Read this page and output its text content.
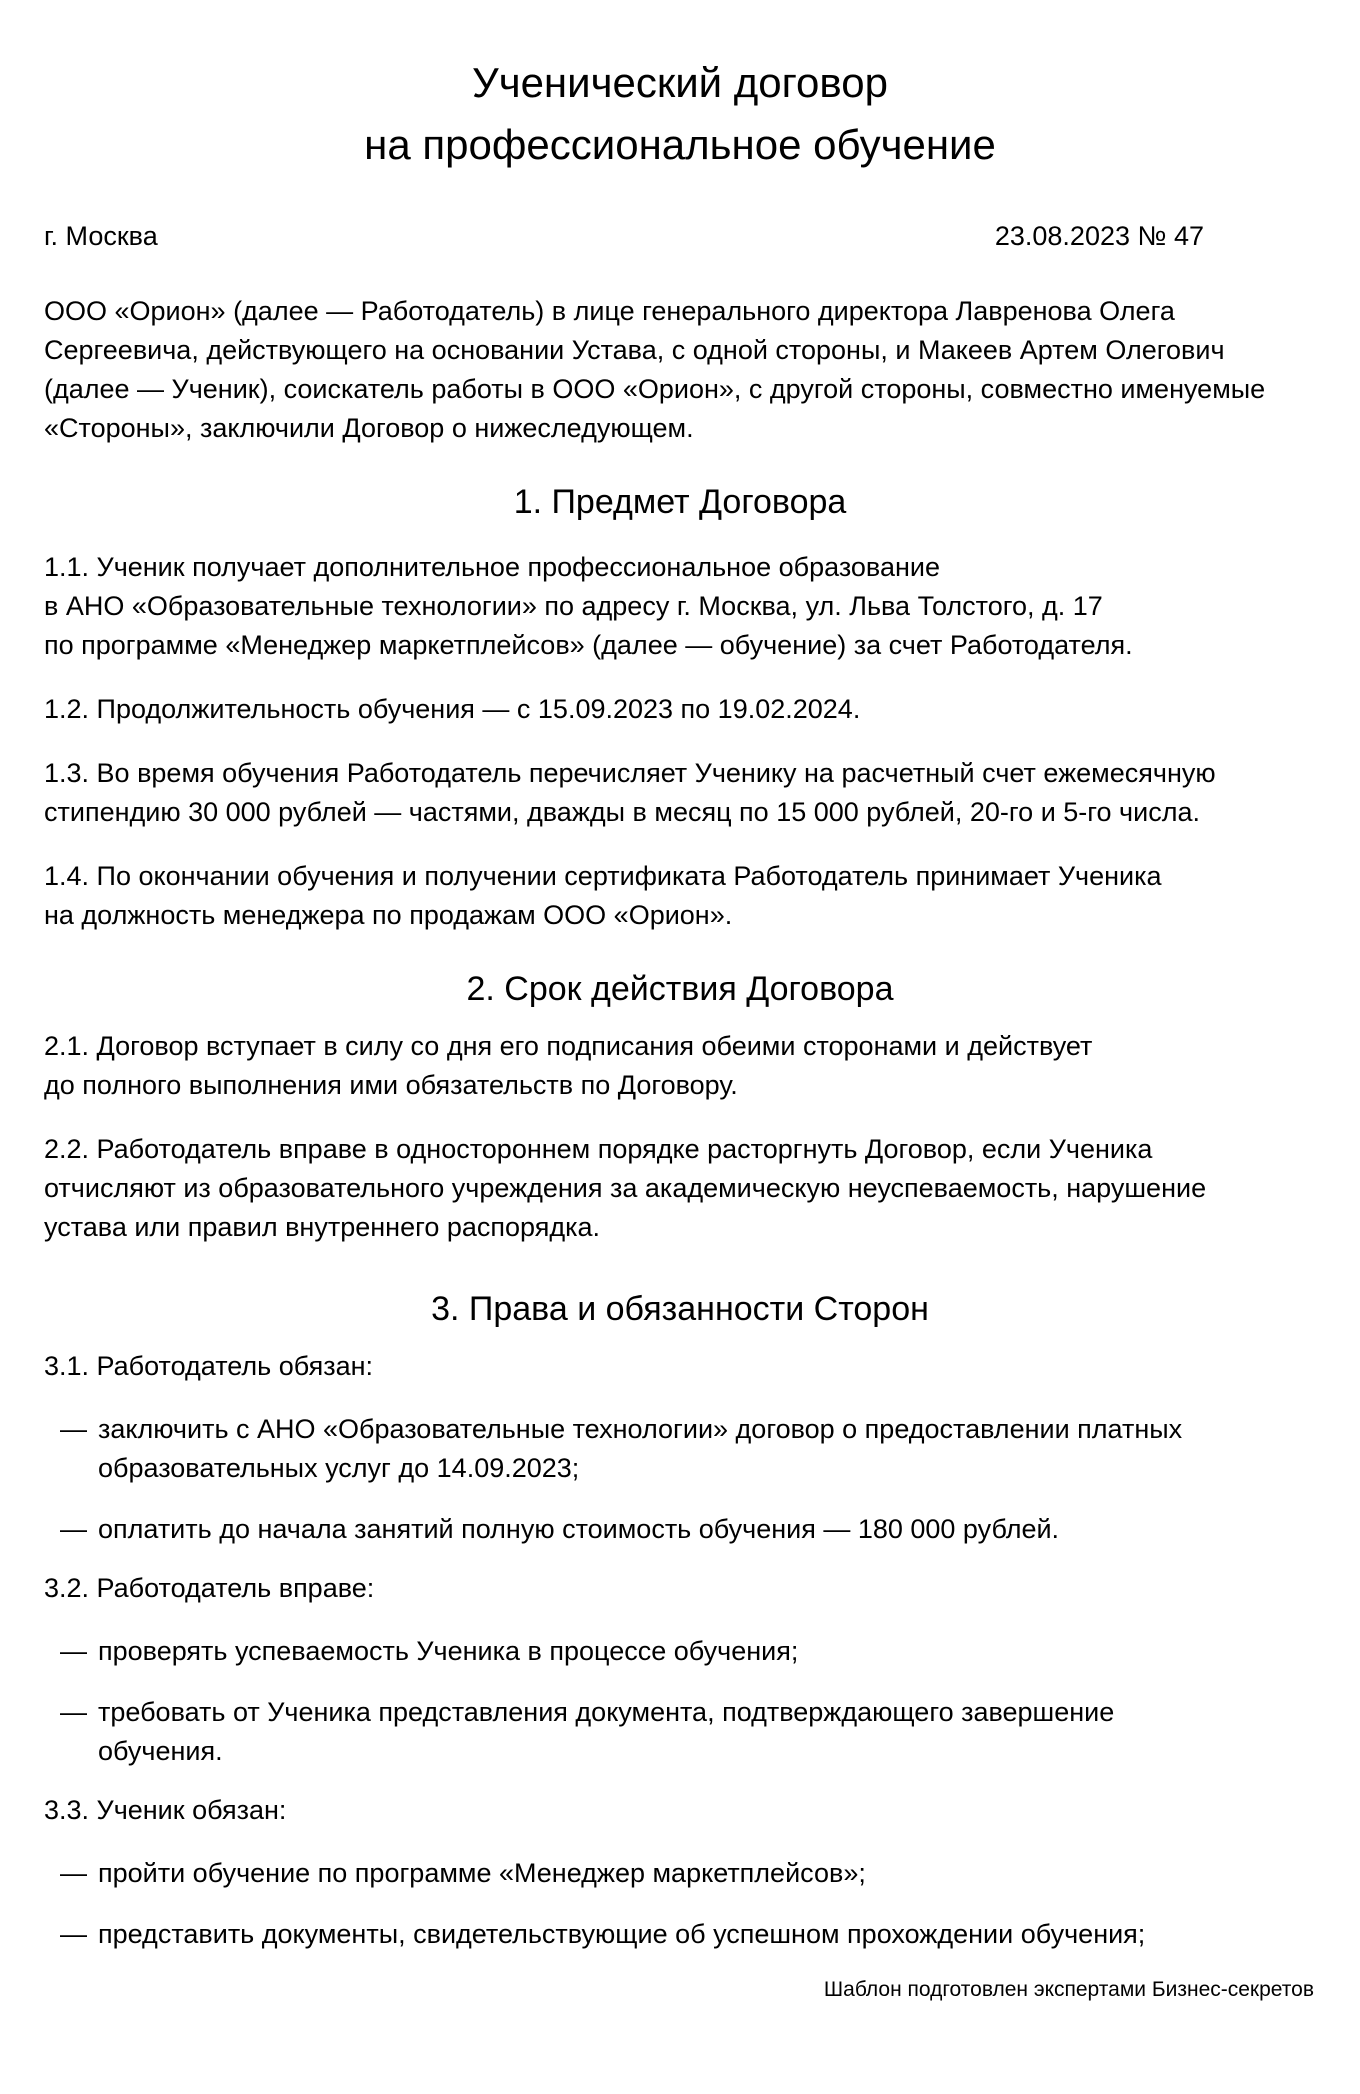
Ученический договор
на профессиональное обучение
г. Москва	23.08.2023 № 47

ООО «Орион» (далее — Работодатель) в лице генерального директора Лавренова Олега Сергеевича, действующего на основании Устава, с одной стороны, и Макеев Артем Олегович (далее — Ученик), соискатель работы в ООО «Орион», с другой стороны, совместно именуемые «Стороны», заключили Договор о нижеследующем.

1. Предмет Договора

1.1. Ученик получает дополнительное профессиональное образование
в АНО «Образовательные технологии» по адресу г. Москва, ул. Льва Толстого, д. 17
по программе «Менеджер маркетплейсов» (далее — обучение) за счет Работодателя.

1.2. Продолжительность обучения — с 15.09.2023 по 19.02.2024.

1.3. Во время обучения Работодатель перечисляет Ученику на расчетный счет ежемесячную
стипендию 30 000 рублей — частями, дважды в месяц по 15 000 рублей, 20-го и 5-го числа.

1.4. По окончании обучения и получении сертификата Работодатель принимает Ученика
на должность менеджера по продажам ООО «Орион».

2. Срок действия Договора

2.1. Договор вступает в силу со дня его подписания обеими сторонами и действует
до полного выполнения ими обязательств по Договору.

2.2. Работодатель вправе в одностороннем порядке расторгнуть Договор, если Ученика
отчисляют из образовательного учреждения за академическую неуспеваемость, нарушение
устава или правил внутреннего распорядка.

3. Права и обязанности Сторон

3.1. Работодатель обязан:

— заключить с АНО «Образовательные технологии» договор о предоставлении платных
образовательных услуг до 14.09.2023;
— оплатить до начала занятий полную стоимость обучения — 180 000 рублей.

3.2. Работодатель вправе:

— проверять успеваемость Ученика в процессе обучения;
— требовать от Ученика представления документа, подтверждающего завершение
обучения.

3.3. Ученик обязан:

— пройти обучение по программе «Менеджер маркетплейсов»;
— представить документы, свидетельствующие об успешном прохождении обучения;
Шаблон подготовлен экспертами Бизнес-секретов
